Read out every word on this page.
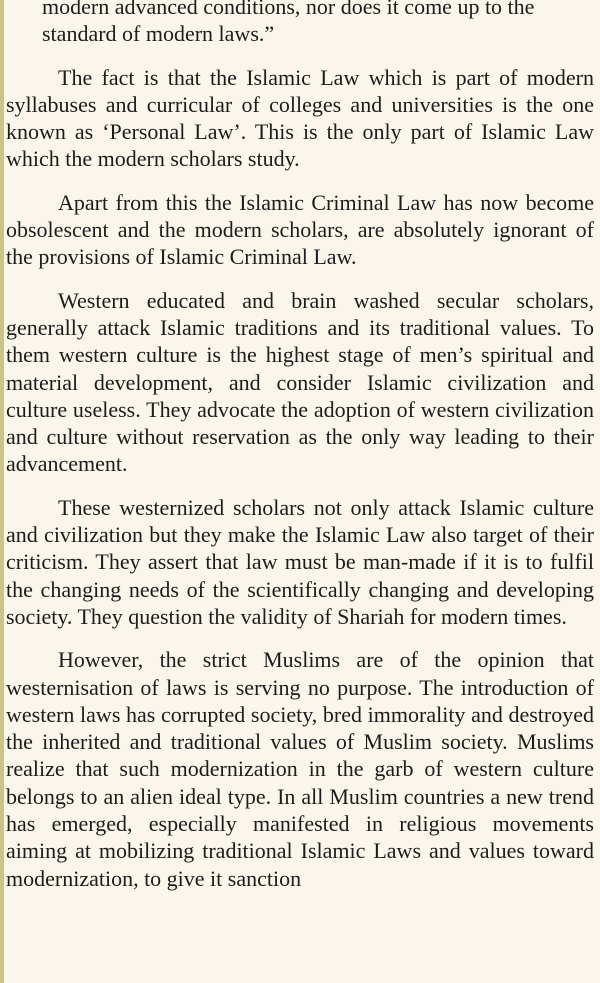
modern advanced conditions, nor does it come up to the standard of modern laws.”

The fact is that the Islamic Law which is part of modern syllabuses and curricular of colleges and universities is the one known as ‘Personal Law’. This is the only part of Islamic Law which the modern scholars study.

Apart from this the Islamic Criminal Law has now become obsolescent and the modern scholars, are absolutely ignorant of the provisions of Islamic Criminal Law.

Western educated and brain washed secular scholars, generally attack Islamic traditions and its traditional values. To them western culture is the highest stage of men’s spiritual and material development, and consider Islamic civilization and culture useless. They advocate the adoption of western civilization and culture without reservation as the only way leading to their advancement.

These westernized scholars not only attack Islamic culture and civilization but they make the Islamic Law also target of their criticism. They assert that law must be man-made if it is to fulfil the changing needs of the scientifically changing and developing society. They question the validity of Shariah for modern times.

However, the strict Muslims are of the opinion that westernisation of laws is serving no purpose. The introduction of western laws has corrupted society, bred immorality and destroyed the inherited and traditional values of Muslim society. Muslims realize that such modernization in the garb of western culture belongs to an alien ideal type. In all Muslim countries a new trend has emerged, especially manifested in religious movements aiming at mobilizing traditional Islamic Laws and values toward modernization, to give it sanction
